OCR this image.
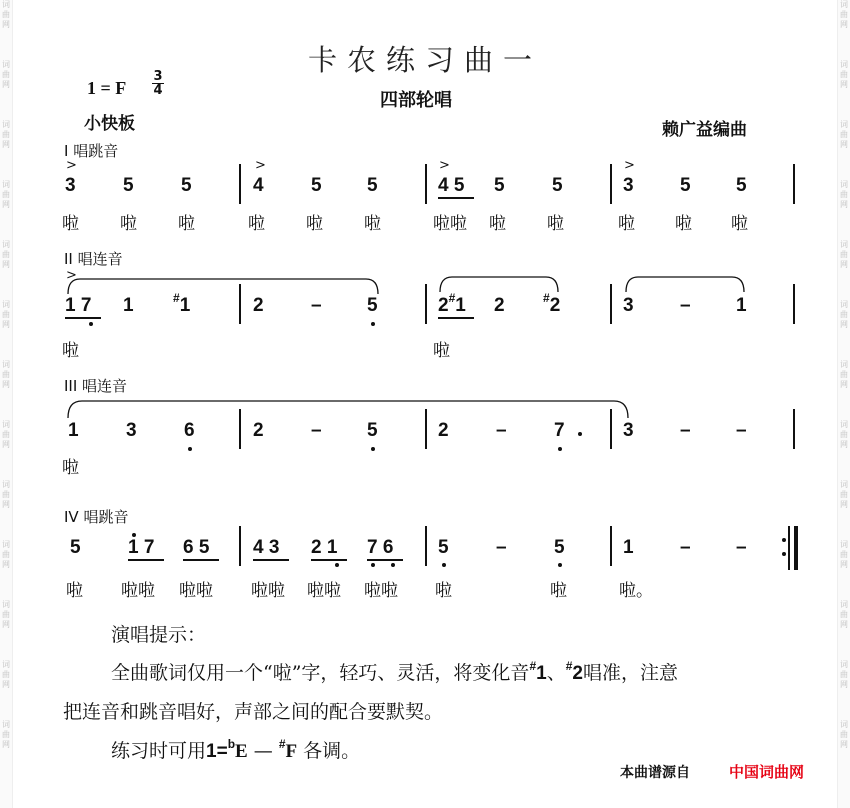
词
曲
网
词
曲
网
词
曲
网
词
曲
网
词
曲
网
词
曲
网
词
曲
网
词
曲
网
词
曲
网
词
曲
网
词
曲
网
词
曲
网
词
曲
网
词
曲
网
词
曲
网
词
曲
网
词
曲
网
词
曲
网
词
曲
网
词
曲
网
词
曲
网
词
曲
网
词
曲
网
词
曲
网
词
曲
网
词
曲
网
卡农练习曲一
四部轮唱
1 = F $\frac{3}{4}$
小快板	赖广益编曲
I 唱跳音
>	>	>	>
3 5 5	4 5 5	4 5 5 5	3 5 5
啦 啦 啦	啦 啦 啦	啦啦 啦 啦	啦 啦 啦
II 唱连音
>
1 7 1	#1	2 – 5	2#1 2	#2	3 – 1
啦	啦
III 唱连音
1 3 6	2 – 5	2 – 7	3 – –
啦
IV 唱跳音
5 1 7 6 5 4 3 2 1 7 6 5 – 5	1 – –
啦 啦啦 啦啦 啦啦 啦啦 啦啦 啦	啦	啦。
演唱提示：
全曲歌词仅用一个“啦”字，轻巧、灵活，将变化音#1、#2唱准，注意
把连音和跳音唱好，声部之间的配合要默契。
练习时可用1=$^b$E — #F 各调。
本曲谱源自	中国词曲网
